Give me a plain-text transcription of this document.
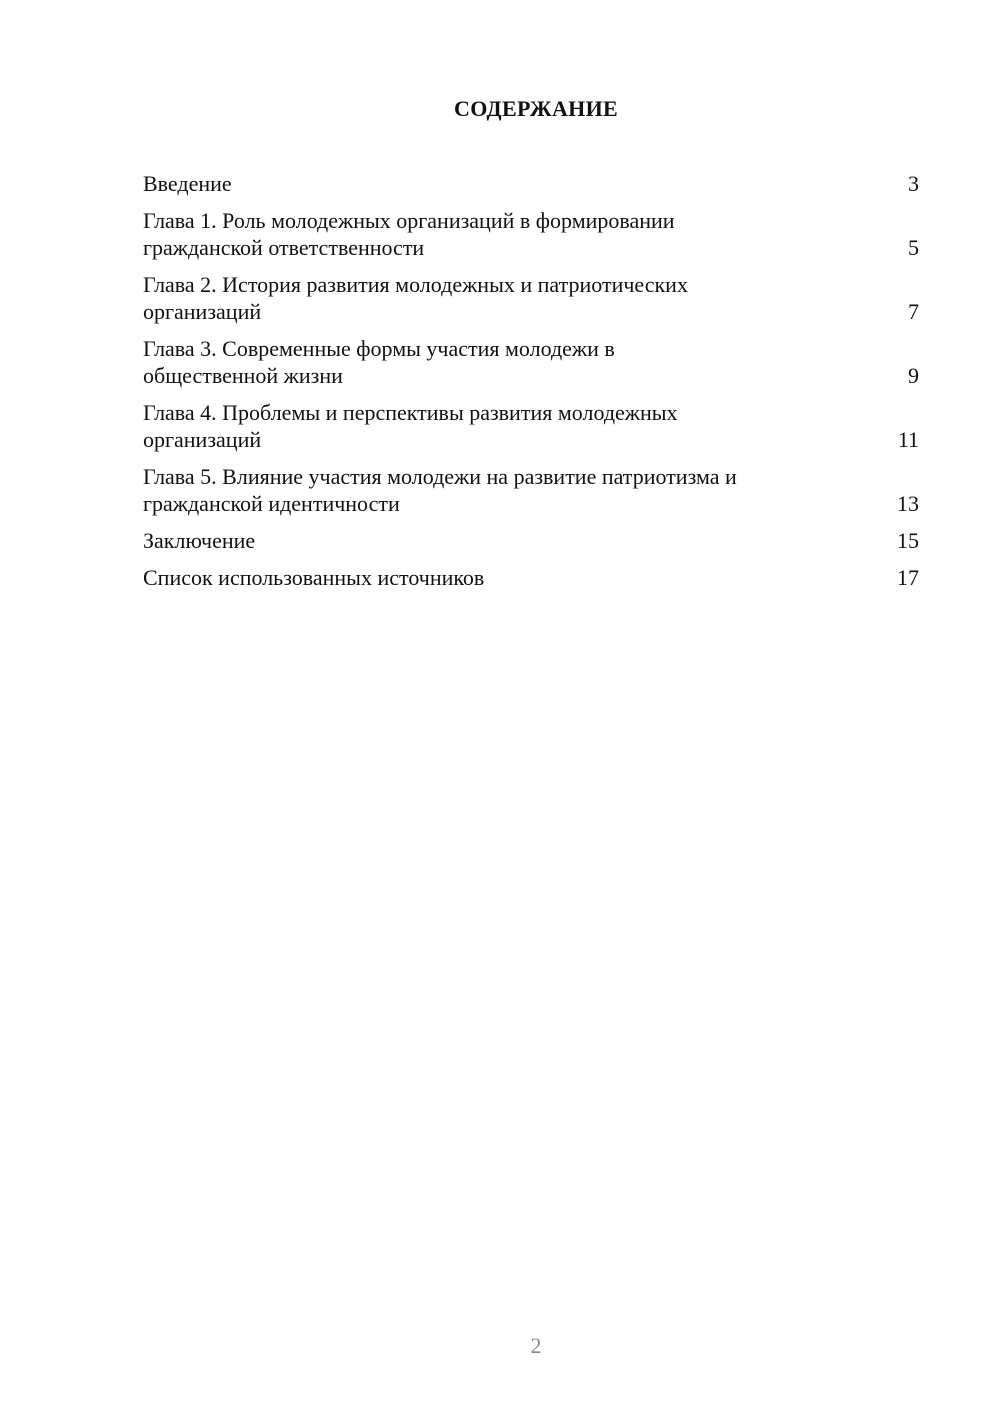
СОДЕРЖАНИЕ
Введение	3
Глава 1. Роль молодежных организаций в формировании
гражданской ответственности	5
Глава 2. История развития молодежных и патриотических
организаций	7
Глава 3. Современные формы участия молодежи в
общественной жизни	9
Глава 4. Проблемы и перспективы развития молодежных
организаций	11
Глава 5. Влияние участия молодежи на развитие патриотизма и
гражданской идентичности	13
Заключение	15
Список использованных источников	17
2
